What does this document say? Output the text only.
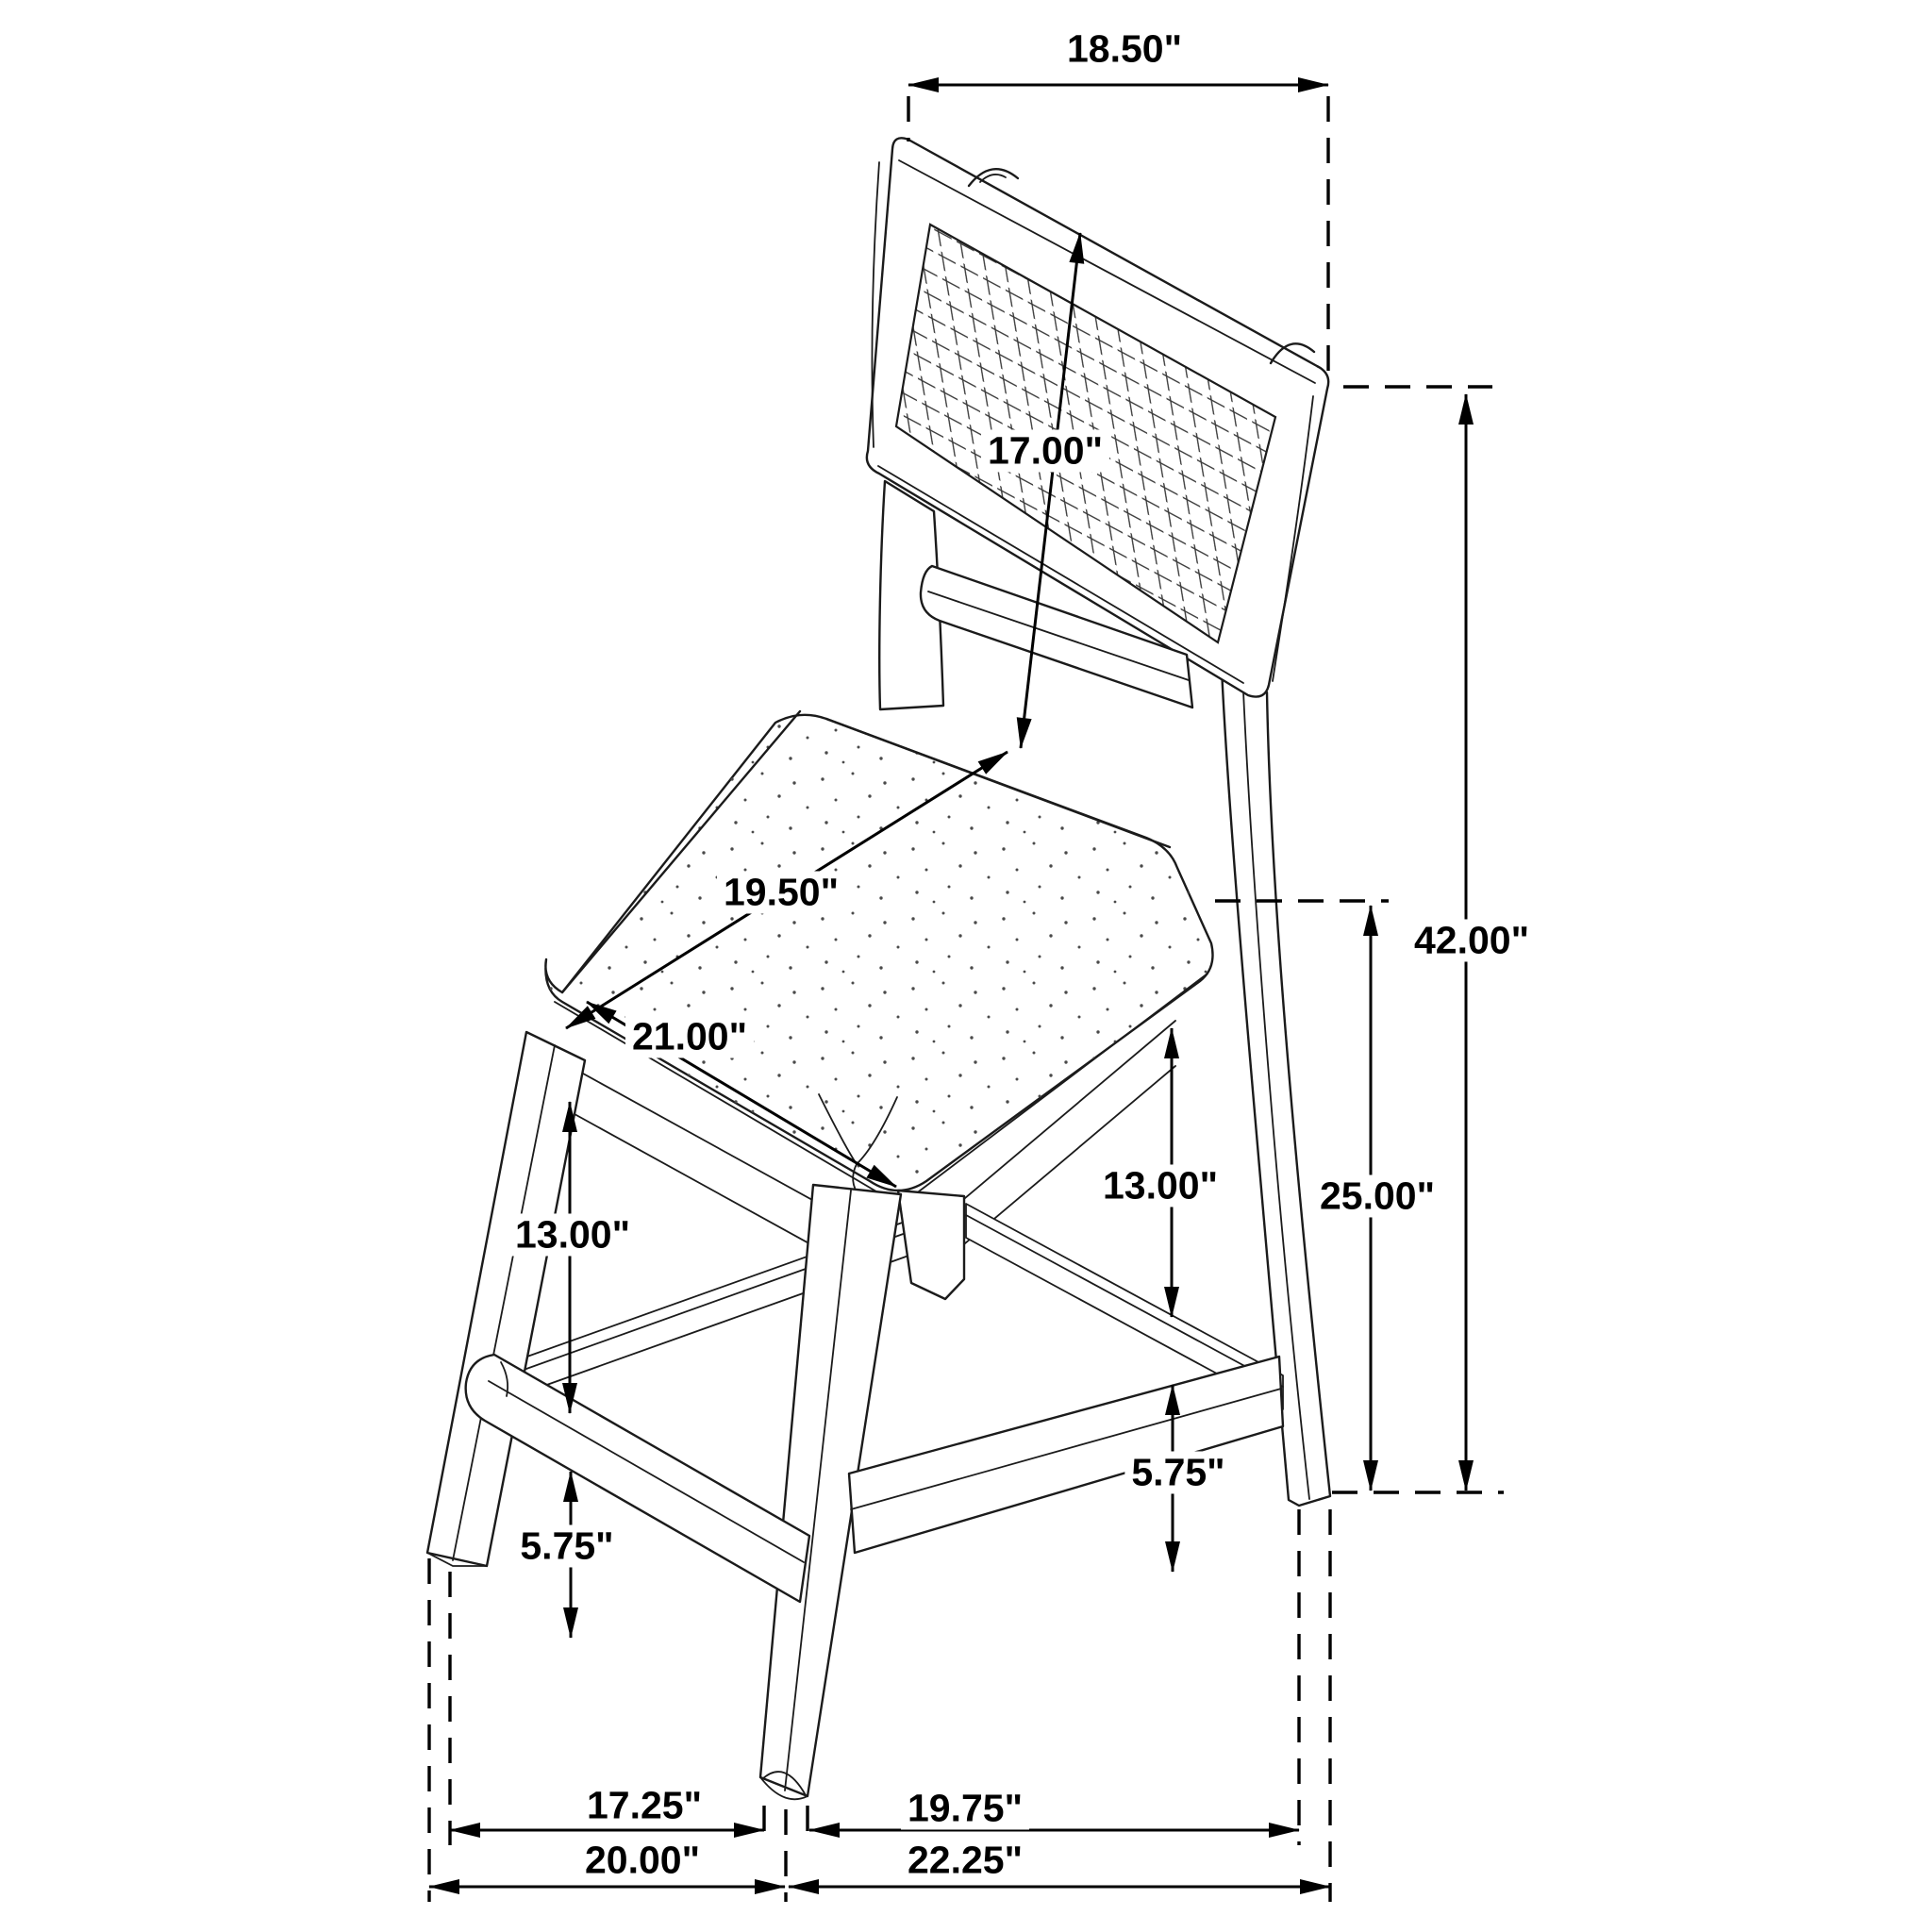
18.50"
17.00"
42.00"
25.00"
19.50"
21.00"
13.00"
13.00"
5.75"
5.75"
17.25"	19.75"
20.00"	22.25"
